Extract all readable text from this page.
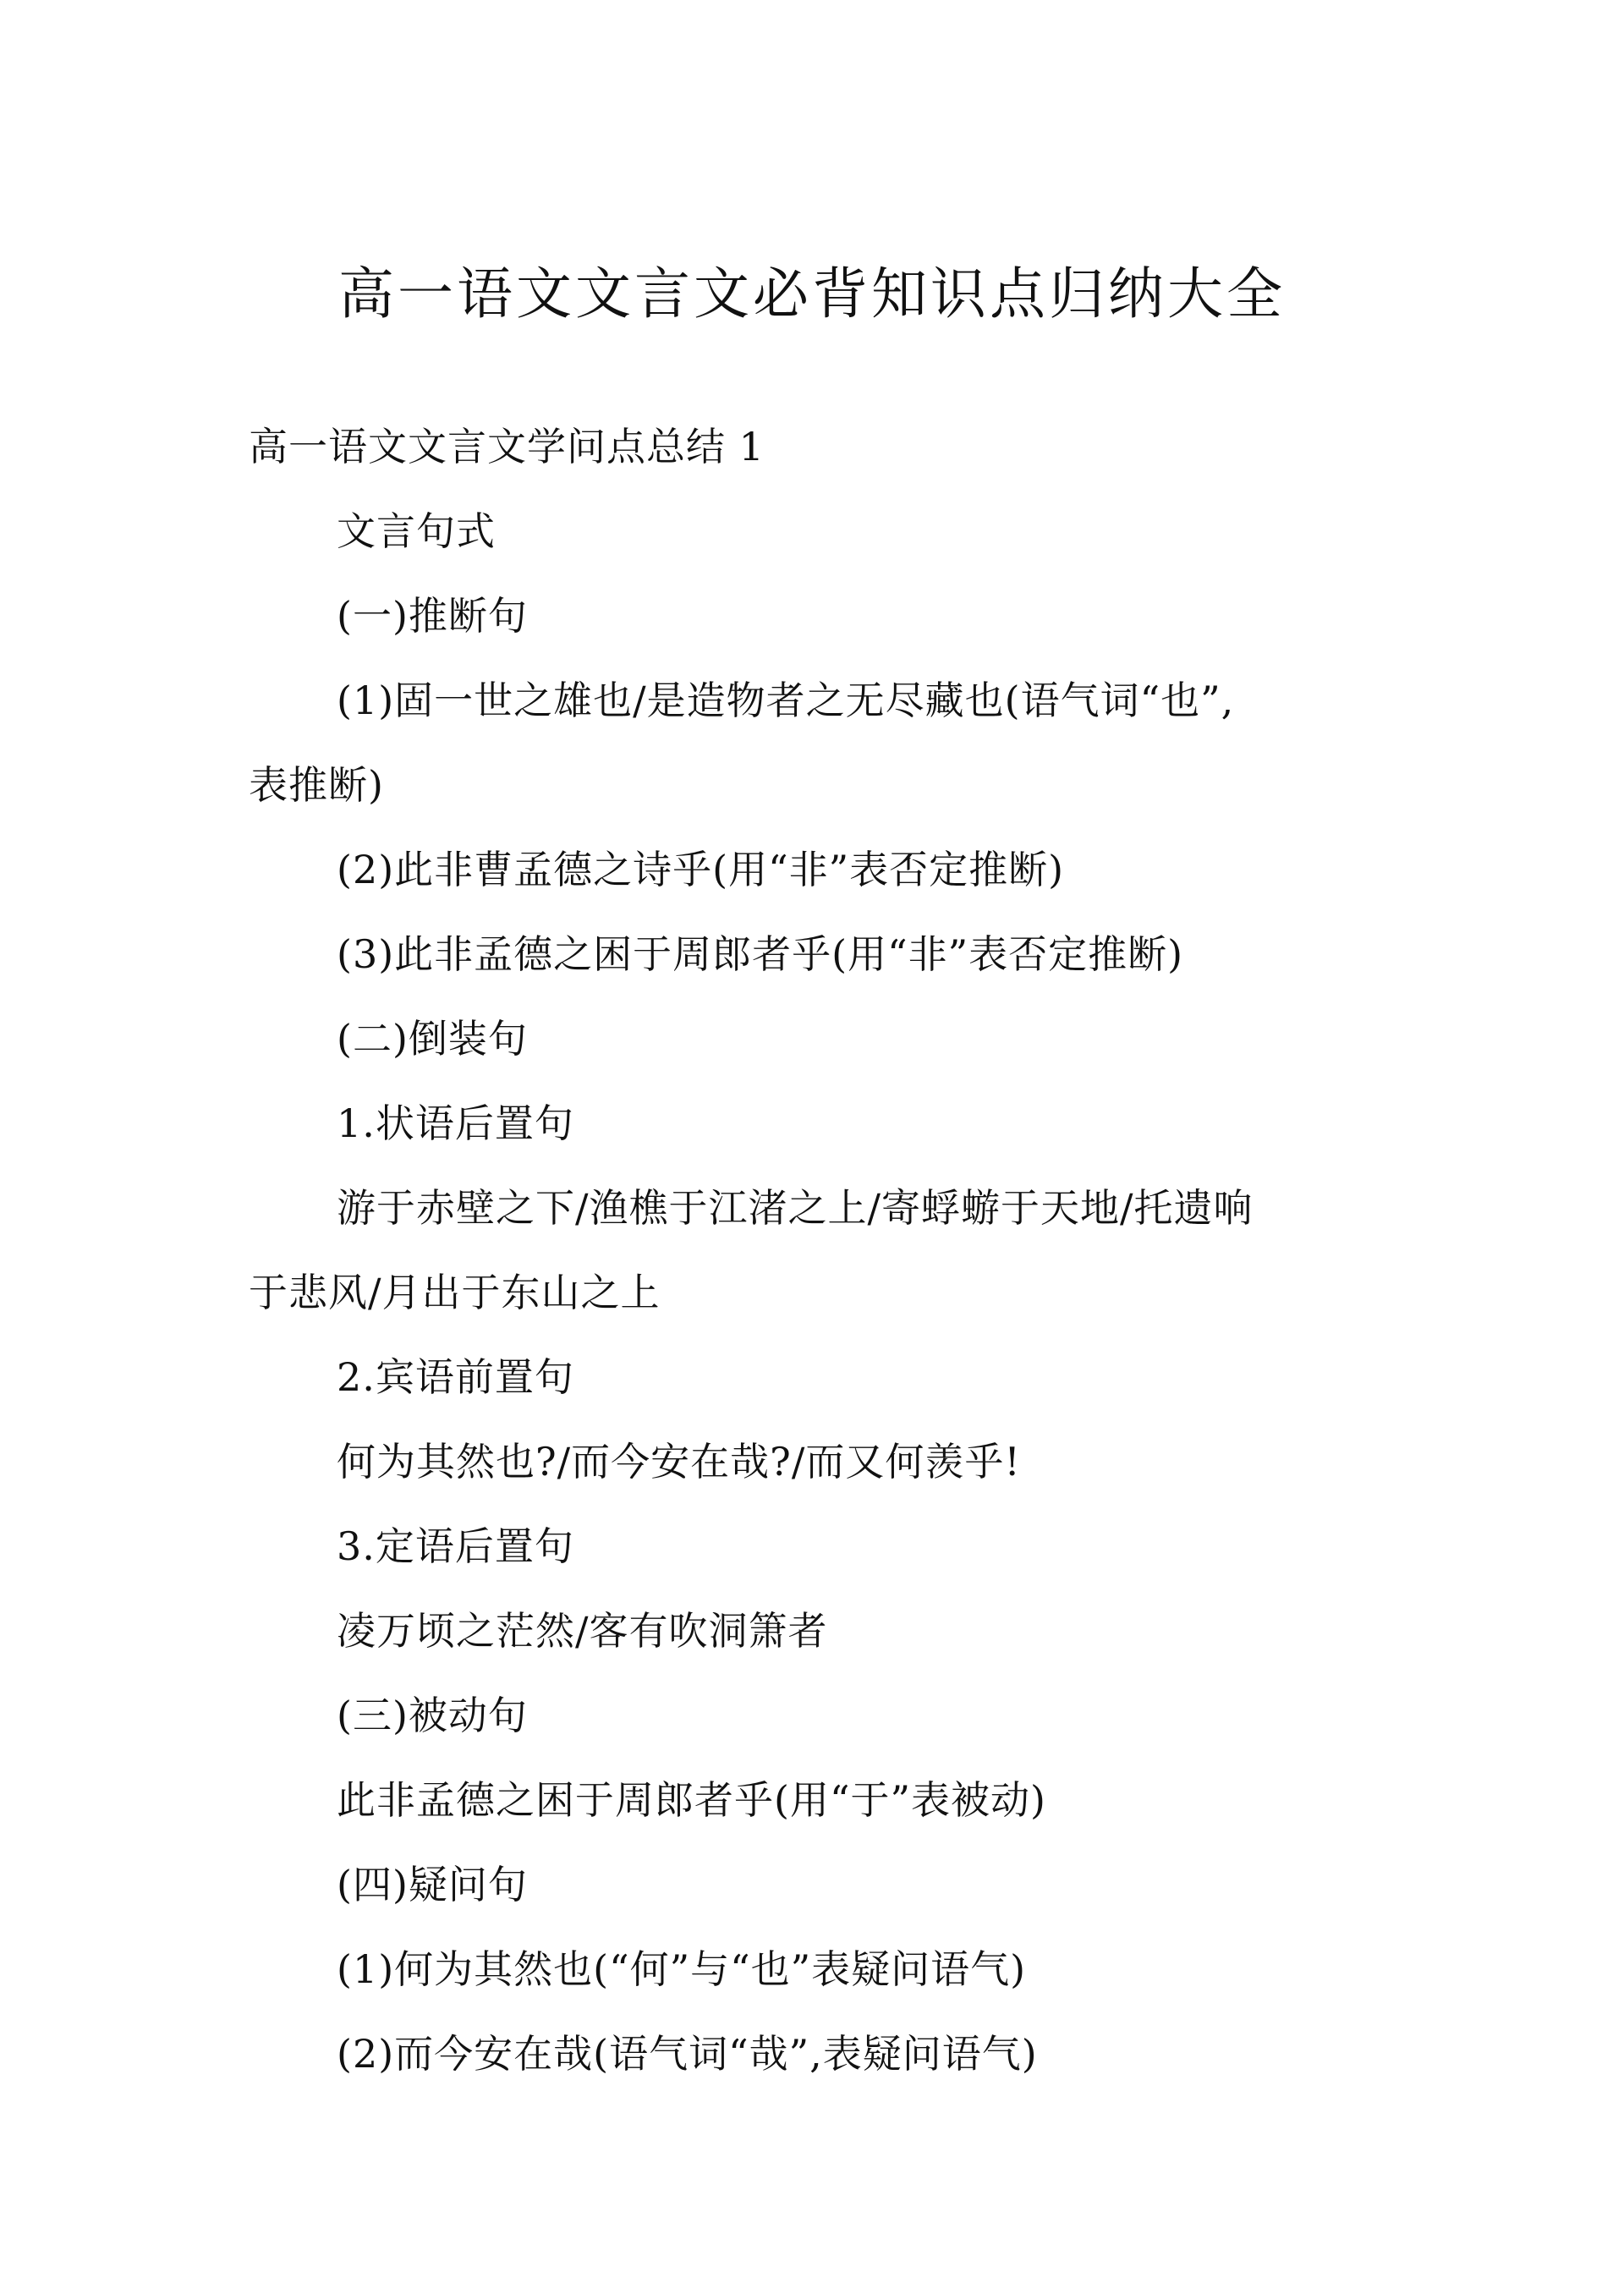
高一语文文言文必背知识点归纳大全
高一语文文言文学问点总结 1
文言句式
(一)推断句
(1)固一世之雄也/是造物者之无尽藏也(语气词“也”,
表推断)
(2)此非曹孟德之诗乎(用“非”表否定推断)
(3)此非孟德之困于周郎者乎(用“非”表否定推断)
(二)倒装句
1.状语后置句
游于赤壁之下/渔樵于江渚之上/寄蜉蝣于天地/托遗响
于悲风/月出于东山之上
2.宾语前置句
何为其然也?/而今安在哉?/而又何羡乎!
3.定语后置句
凌万顷之茫然/客有吹洞箫者
(三)被动句
此非孟德之困于周郎者乎(用“于”表被动)
(四)疑问句
(1)何为其然也(“何”与“也”表疑问语气)
(2)而今安在哉(语气词“哉”,表疑问语气)
